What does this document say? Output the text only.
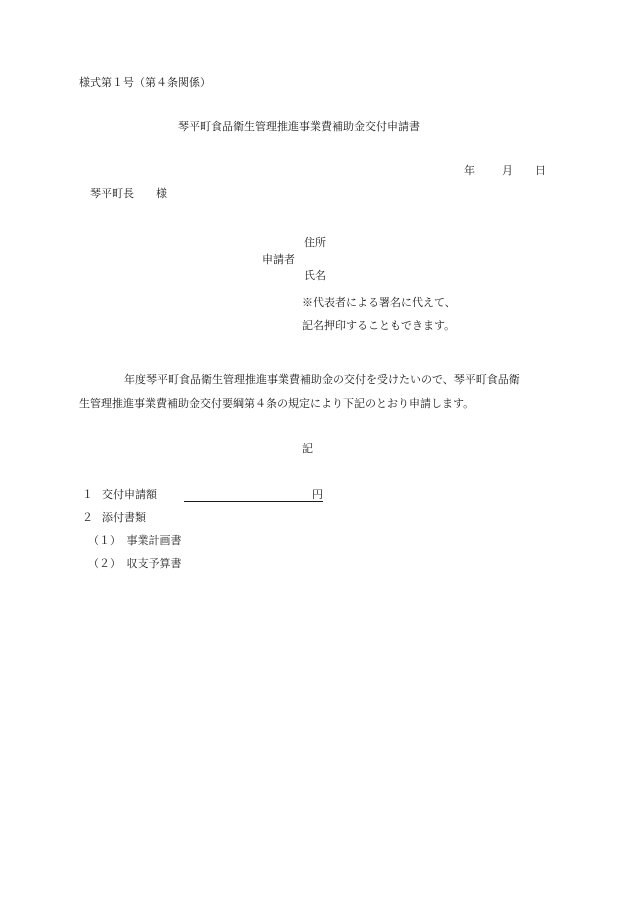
様式第１号（第４条関係）
琴平町食品衛生管理推進事業費補助金交付申請書
年 月 日
琴平町長　　様
住所
申請者
氏名
※代表者による署名に代えて、
記名押印することもできます。
年度琴平町食品衛生管理推進事業費補助金の交付を受けたいので、琴平町食品衛
生管理推進事業費補助金交付要綱第４条の規定により下記のとおり申請します。
記
１ 交付申請額	円
２ 添付書類
（１）　事業計画書
（２）　収支予算書
